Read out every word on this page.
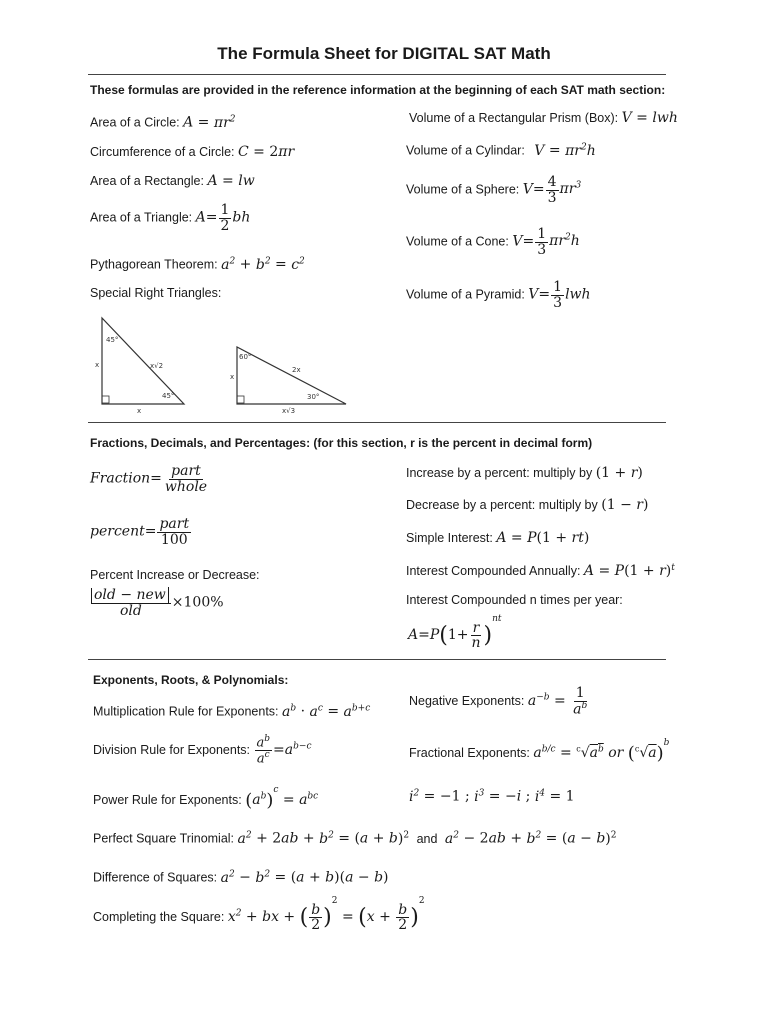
The Formula Sheet for DIGITAL SAT Math
These formulas are provided in the reference information at the beginning of each SAT math section:
Area of a Circle: $A = \pi r^2$
Circumference of a Circle: C = 2πr
Area of a Rectangle: A = lw
Area of a Triangle: $A= \frac{1}{2}$ bh
Pythagorean Theorem: $a^2 + b^2 = c^2$
Special Right Triangles:
45°
45°
x√2
x
x
60°
30°
2x
x
x√3
Volume of a Rectangular Prism (Box): V = lwh
Volume of a Cylindar: $V = \pi r^2h$
Volume of a Sphere: $V= \frac{4}{3} \pi r^3$
Volume of a Cone: $V= \frac{1}{3} \pi r^2h$
Volume of a Pyramid: $V= \frac{1}{3}$ lwh
Fractions, Decimals, and Percentages: (for this section, r is the percent in decimal form)
Fraction= $\frac{\text{part}}{\text{whole}}$
percent= $\frac{\text{part}}{100}$
Percent Increase or Decrease:
$\frac{\text{old − new}}{\text{old}} \times 100\%$
Increase by a percent: multiply by (1 + r)
Decrease by a percent: multiply by (1 − r)
Simple Interest: A = P(1 + rt)
Interest Compounded Annually: $A = P(1 + r)^t$
Interest Compounded n times per year:
$A=P(1+ \frac{r}{n} )^{nt}$
Exponents, Roots, & Polynomials:
Multiplication Rule for Exponents: $a^b \cdot a^c = a^{b+c}$
Division Rule for Exponents: $\frac{a^b}{a^c} =a^{b-c}$
Power Rule for Exponents: $(a^b)^c = a^{bc}$
Negative Exponents: $a^{-b} = \frac{1}{a^b}$
Fractional Exponents: $a^{b/c} = ^c√a^b$ or $(^c√a)^b$
$i^2 = -1$ ; $i^3 = -i$ ; $i^4 = 1$
Perfect Square Trinomial: $a^2 + 2ab + b^2 = (a + b)^2$ and $a^2 - 2ab + b^2 = (a - b)^2$
Difference of Squares: $a^2 - b^2 = (a + b)(a - b)$
Completing the Square: $x^2$ + bx + ( $\frac{b}{2} )^2 = (x + \frac{b}{2} )^2$
